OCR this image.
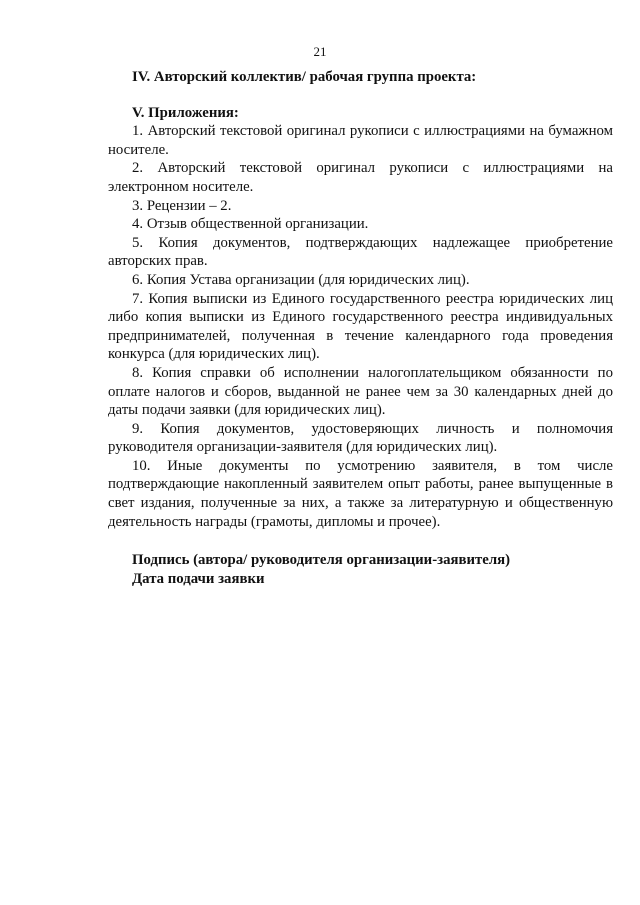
21

IV. Авторский коллектив/ рабочая группа проекта:

V. Приложения:

1. Авторский текстовой оригинал рукописи с иллюстрациями на бумажном носителе.

2. Авторский текстовой оригинал рукописи с иллюстрациями на электронном носителе.

3. Рецензии – 2.

4. Отзыв общественной организации.

5. Копия документов, подтверждающих надлежащее приобретение авторских прав.

6. Копия Устава организации (для юридических лиц).

7. Копия выписки из Единого государственного реестра юридических лиц либо копия выписки из Единого государственного реестра индивидуальных предпринимателей, полученная в течение календарного года проведения конкурса (для юридических лиц).

8. Копия справки об исполнении налогоплательщиком обязанности по оплате налогов и сборов, выданной не ранее чем за 30 календарных дней до даты подачи заявки (для юридических лиц).

9. Копия документов, удостоверяющих личность и полномочия руководителя организации-заявителя (для юридических лиц).

10. Иные документы по усмотрению заявителя, в том числе подтверждающие накопленный заявителем опыт работы, ранее выпущенные в свет издания, полученные за них, а также за литературную и общественную деятельность награды (грамоты, дипломы и прочее).

Подпись (автора/ руководителя организации-заявителя)
Дата подачи заявки
